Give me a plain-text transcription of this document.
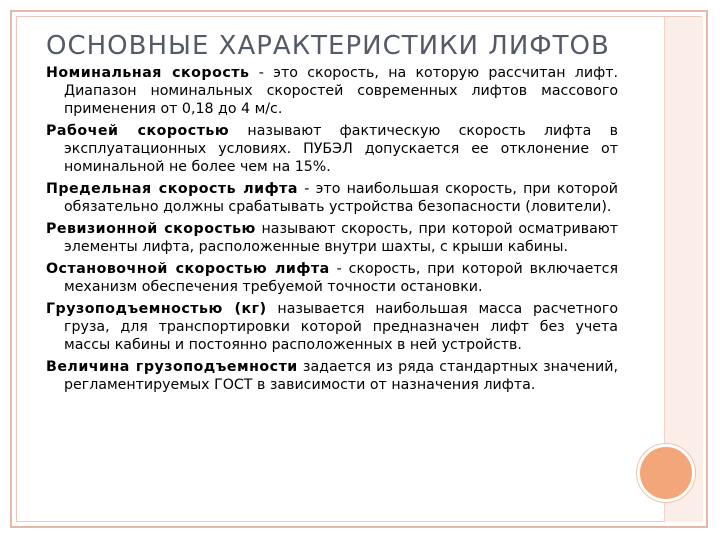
ОСНОВНЫЕ ХАРАКТЕРИСТИКИ ЛИФТОВ

Номинальная скорость - это скорость, на которую рассчитан лифт. Диапазон номинальных скоростей современных лифтов массового применения от 0,18 до 4 м/с.

Рабочей скоростью называют фактическую скорость лифта в эксплуатационных условиях. ПУБЭЛ допускается ее отклонение от номинальной не более чем на 15%.

Предельная скорость лифта - это наибольшая скорость, при которой обязательно должны срабатывать устройства безопасности (ловители).

Ревизионной скоростью называют скорость, при которой осматривают элементы лифта, расположенные внутри шахты, с крыши кабины.

Остановочной скоростью лифта - скорость, при которой включается механизм обеспечения требуемой точности остановки.

Грузоподъемностью (кг) называется наибольшая масса расчетного груза, для транспортировки которой предназначен лифт без учета массы кабины и постоянно расположенных в ней устройств.

Величина грузоподъемности задается из ряда стандартных значений, регламентируемых ГОСТ в зависимости от назначения лифта.
